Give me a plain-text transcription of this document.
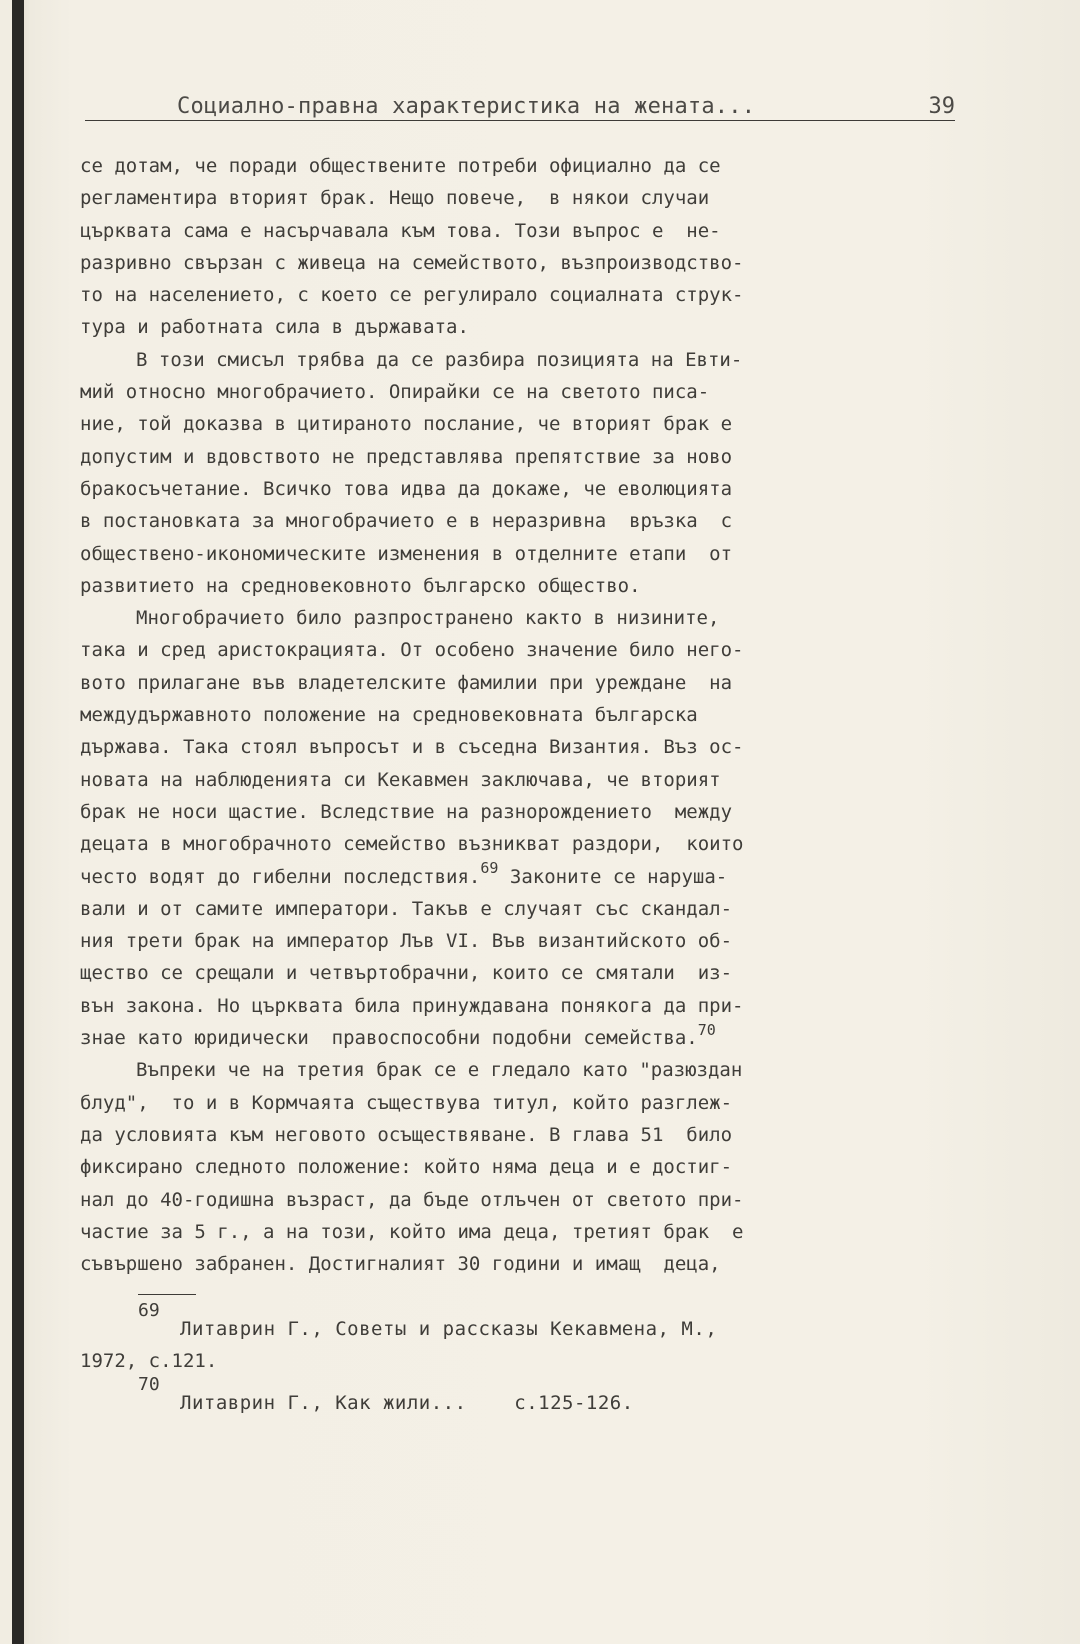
Социално-правна характеристика на жената...	39
се дотам, че поради обществените потреби официално да се
регламентира вторият брак. Нещо повече,  в някои случаи
църквата сама е насърчавала към това. Този въпрос е  не-
разривно свързан с живеца на семейството, възпроизводство-
то на населението, с което се регулирало социалната струк-
тура и работната сила в държавата.
В този смисъл трябва да се разбира позицията на Евти-
мий относно многобрачието. Опирайки се на светото писа-
ние, той доказва в цитираното послание, че вторият брак е
допустим и вдовството не представлява препятствие за ново
бракосъчетание. Всичко това идва да докаже, че еволюцията
в постановката за многобрачието е в неразривна  връзка  с
обществено-икономическите изменения в отделните етапи  от
развитието на средновековното българско общество.
Многобрачието било разпространено както в низините,
така и сред аристокрацията. От особено значение било него-
вото прилагане във владетелските фамилии при уреждане  на
междудържавното положение на средновековната българска
държава. Така стоял въпросът и в съседна Византия. Въз ос-
новата на наблюденията си Кекавмен заключава, че вторият
брак не носи щастие. Вследствие на разнорождението  между
децата в многобрачното семейство възникват раздори,  които
често водят до гибелни последствия.$^{69}$ Законите се наруша-
вали и от самите императори. Такъв е случаят със скандал-
ния трети брак на император Лъв VI. Във византийското об-
щество се срещали и четвъртобрачни, които се смятали  из-
вън закона. Но църквата била принуждавана понякога да при-
знае като юридически  правоспособни подобни семейства.$^{70}$
Въпреки че на третия брак се е гледало като "разюздан
блуд",  то и в Кормчаята съществува титул, който разглеж-
да условията към неговото осъществяване. В глава 51  било
фиксирано следното положение: който няма деца и е достиг-
нал до 40-годишна възраст, да бъде отлъчен от светото при-
частие за 5 г., а на този, който има деца, третият брак  е
съвършено забранен. Достигналият 30 години и имащ  деца,
69
Литаврин Г., Советы и рассказы Кекавмена, М.,
1972, с.121.
70
Литаврин Г., Как жили...    с.125-126.
